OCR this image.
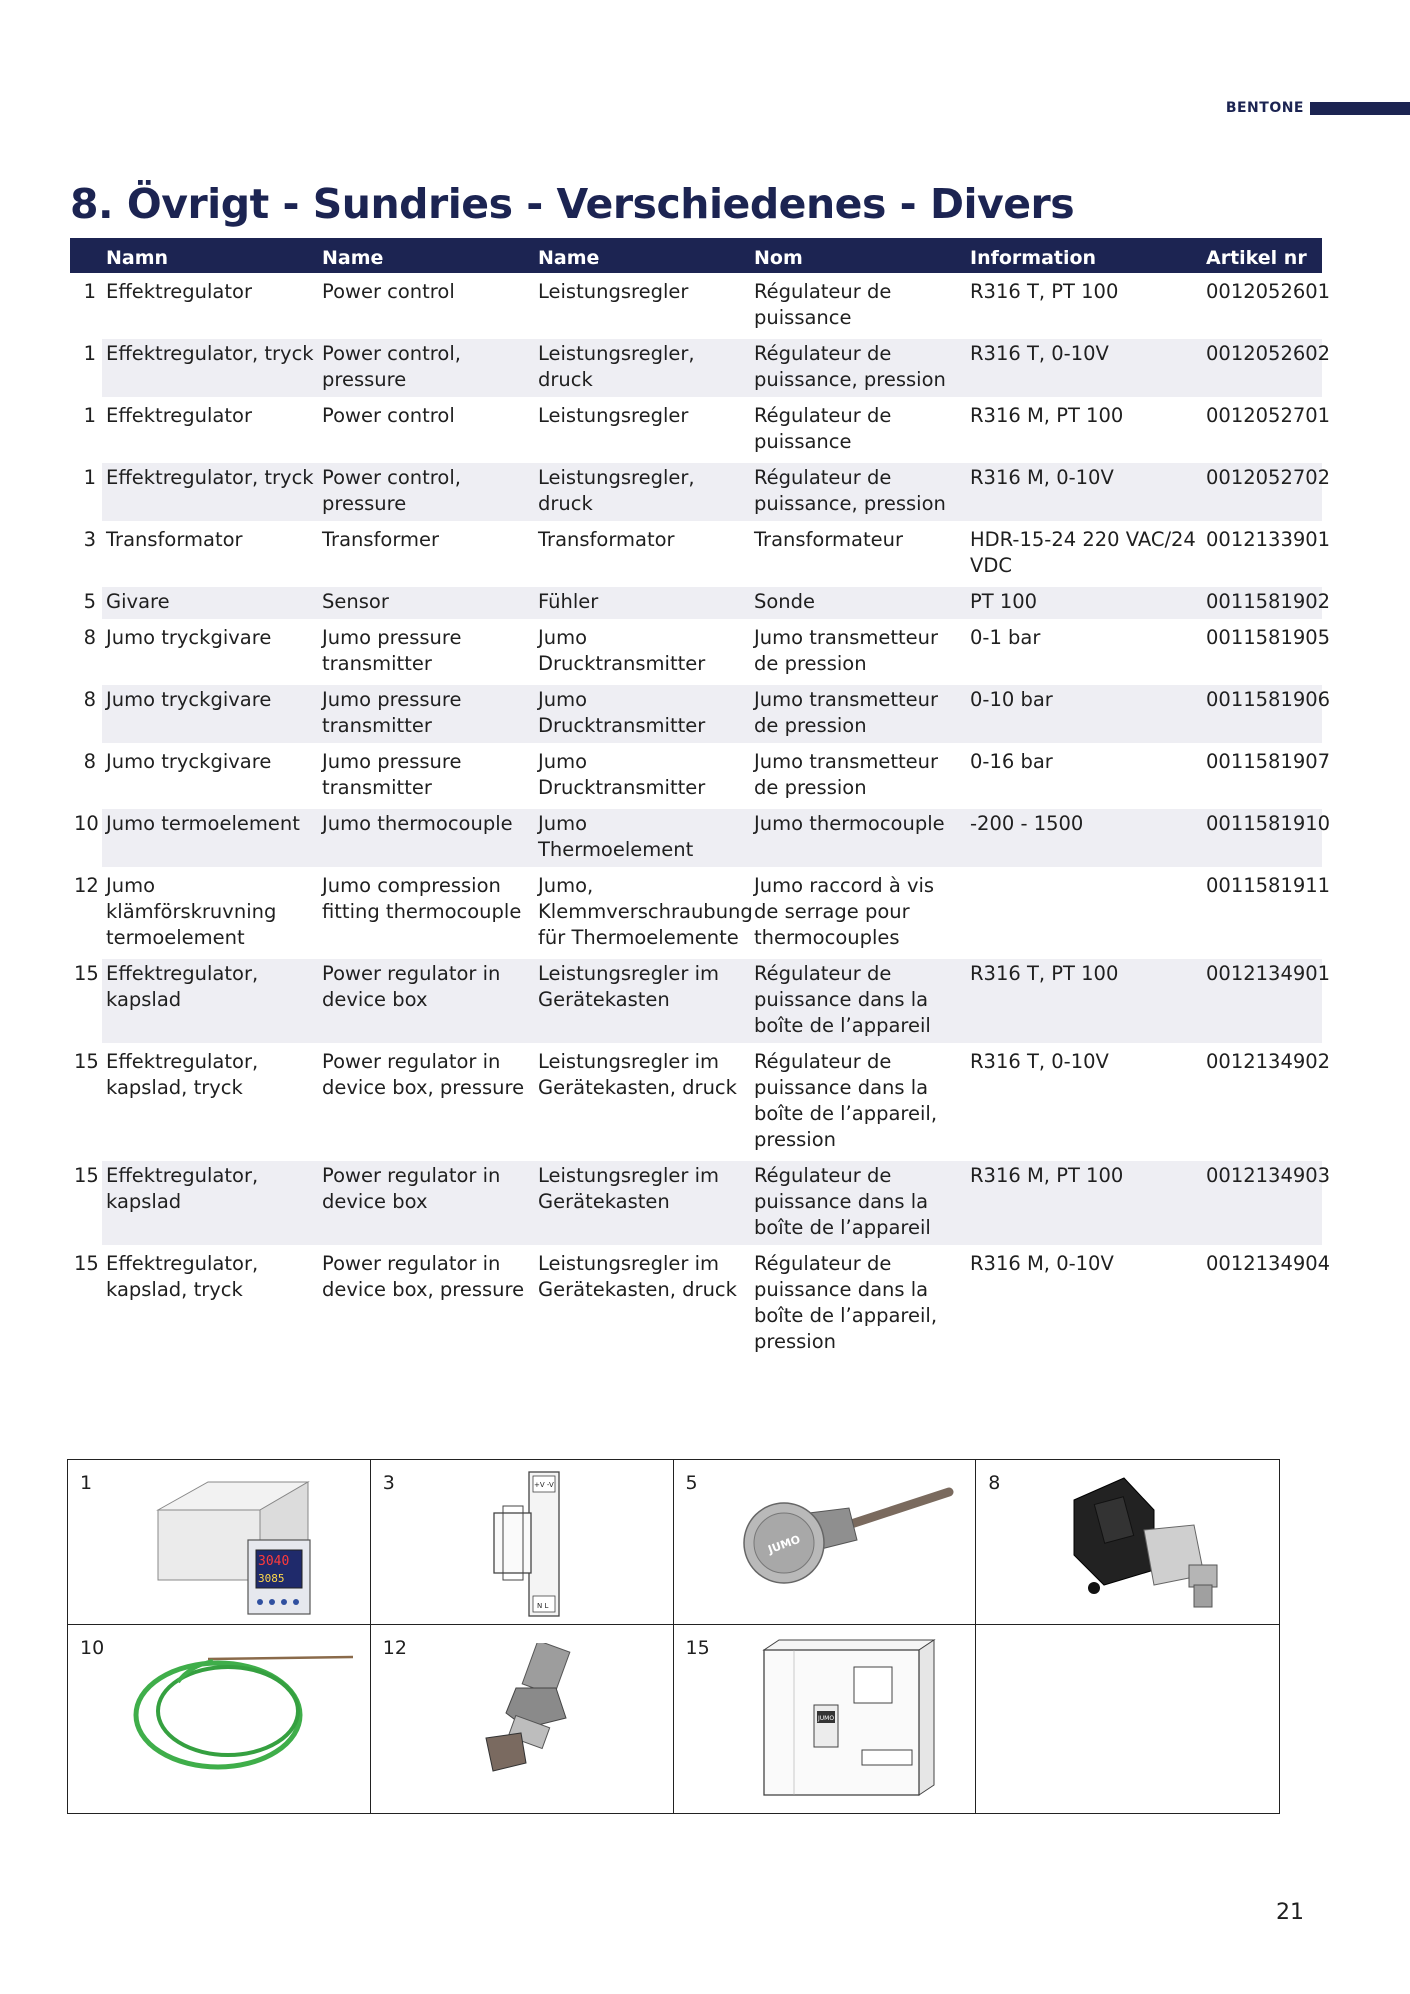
BENTONE
8. Övrigt - Sundries - Verschiedenes - Divers
	Namn	Name	Name	Nom	Information	Artikel nr
1	Effektregulator	Power control	Leistungsregler	Régulateur de puissance	R316 T, PT 100	0012052601
1	Effektregulator, tryck	Power control, pressure	Leistungsregler, druck	Régulateur de puissance, pression	R316 T, 0-10V	0012052602
1	Effektregulator	Power control	Leistungsregler	Régulateur de puissance	R316 M, PT 100	0012052701
1	Effektregulator, tryck	Power control, pressure	Leistungsregler, druck	Régulateur de puissance, pression	R316 M, 0-10V	0012052702
3	Transformator	Transformer	Transformator	Transformateur	HDR-15-24 220 VAC/24 VDC	0012133901
5	Givare	Sensor	Fühler	Sonde	PT 100	0011581902
8	Jumo tryckgivare	Jumo pressure transmitter	Jumo Drucktransmitter	Jumo transmetteur de pression	0-1 bar	0011581905
8	Jumo tryckgivare	Jumo pressure transmitter	Jumo Drucktransmitter	Jumo transmetteur de pression	0-10 bar	0011581906
8	Jumo tryckgivare	Jumo pressure transmitter	Jumo Drucktransmitter	Jumo transmetteur de pression	0-16 bar	0011581907
10	Jumo termoelement	Jumo thermocouple	Jumo Thermoelement	Jumo thermocouple	-200 - 1500	0011581910
12	Jumo klämförskruvning termoelement	Jumo compression fitting thermocouple	Jumo, Klemmverschraubung für Thermoelemente	Jumo raccord à vis de serrage pour thermocouples		0011581911
15	Effektregulator, kapslad	Power regulator in device box	Leistungsregler im Gerätekasten	Régulateur de puissance dans la boîte de l’appareil	R316 T, PT 100	0012134901
15	Effektregulator, kapslad, tryck	Power regulator in device box, pressure	Leistungsregler im Gerätekasten, druck	Régulateur de puissance dans la boîte de l’appareil, pression	R316 T, 0-10V	0012134902
15	Effektregulator, kapslad	Power regulator in device box	Leistungsregler im Gerätekasten	Régulateur de puissance dans la boîte de l’appareil	R316 M, PT 100	0012134903
15	Effektregulator, kapslad, tryck	Power regulator in device box, pressure	Leistungsregler im Gerätekasten, druck	Régulateur de puissance dans la boîte de l’appareil, pression	R316 M, 0-10V	0012134904
1
3040
3085
3	+V -V
N L
5
JUMO
8
10	12	15
JUMO
21
